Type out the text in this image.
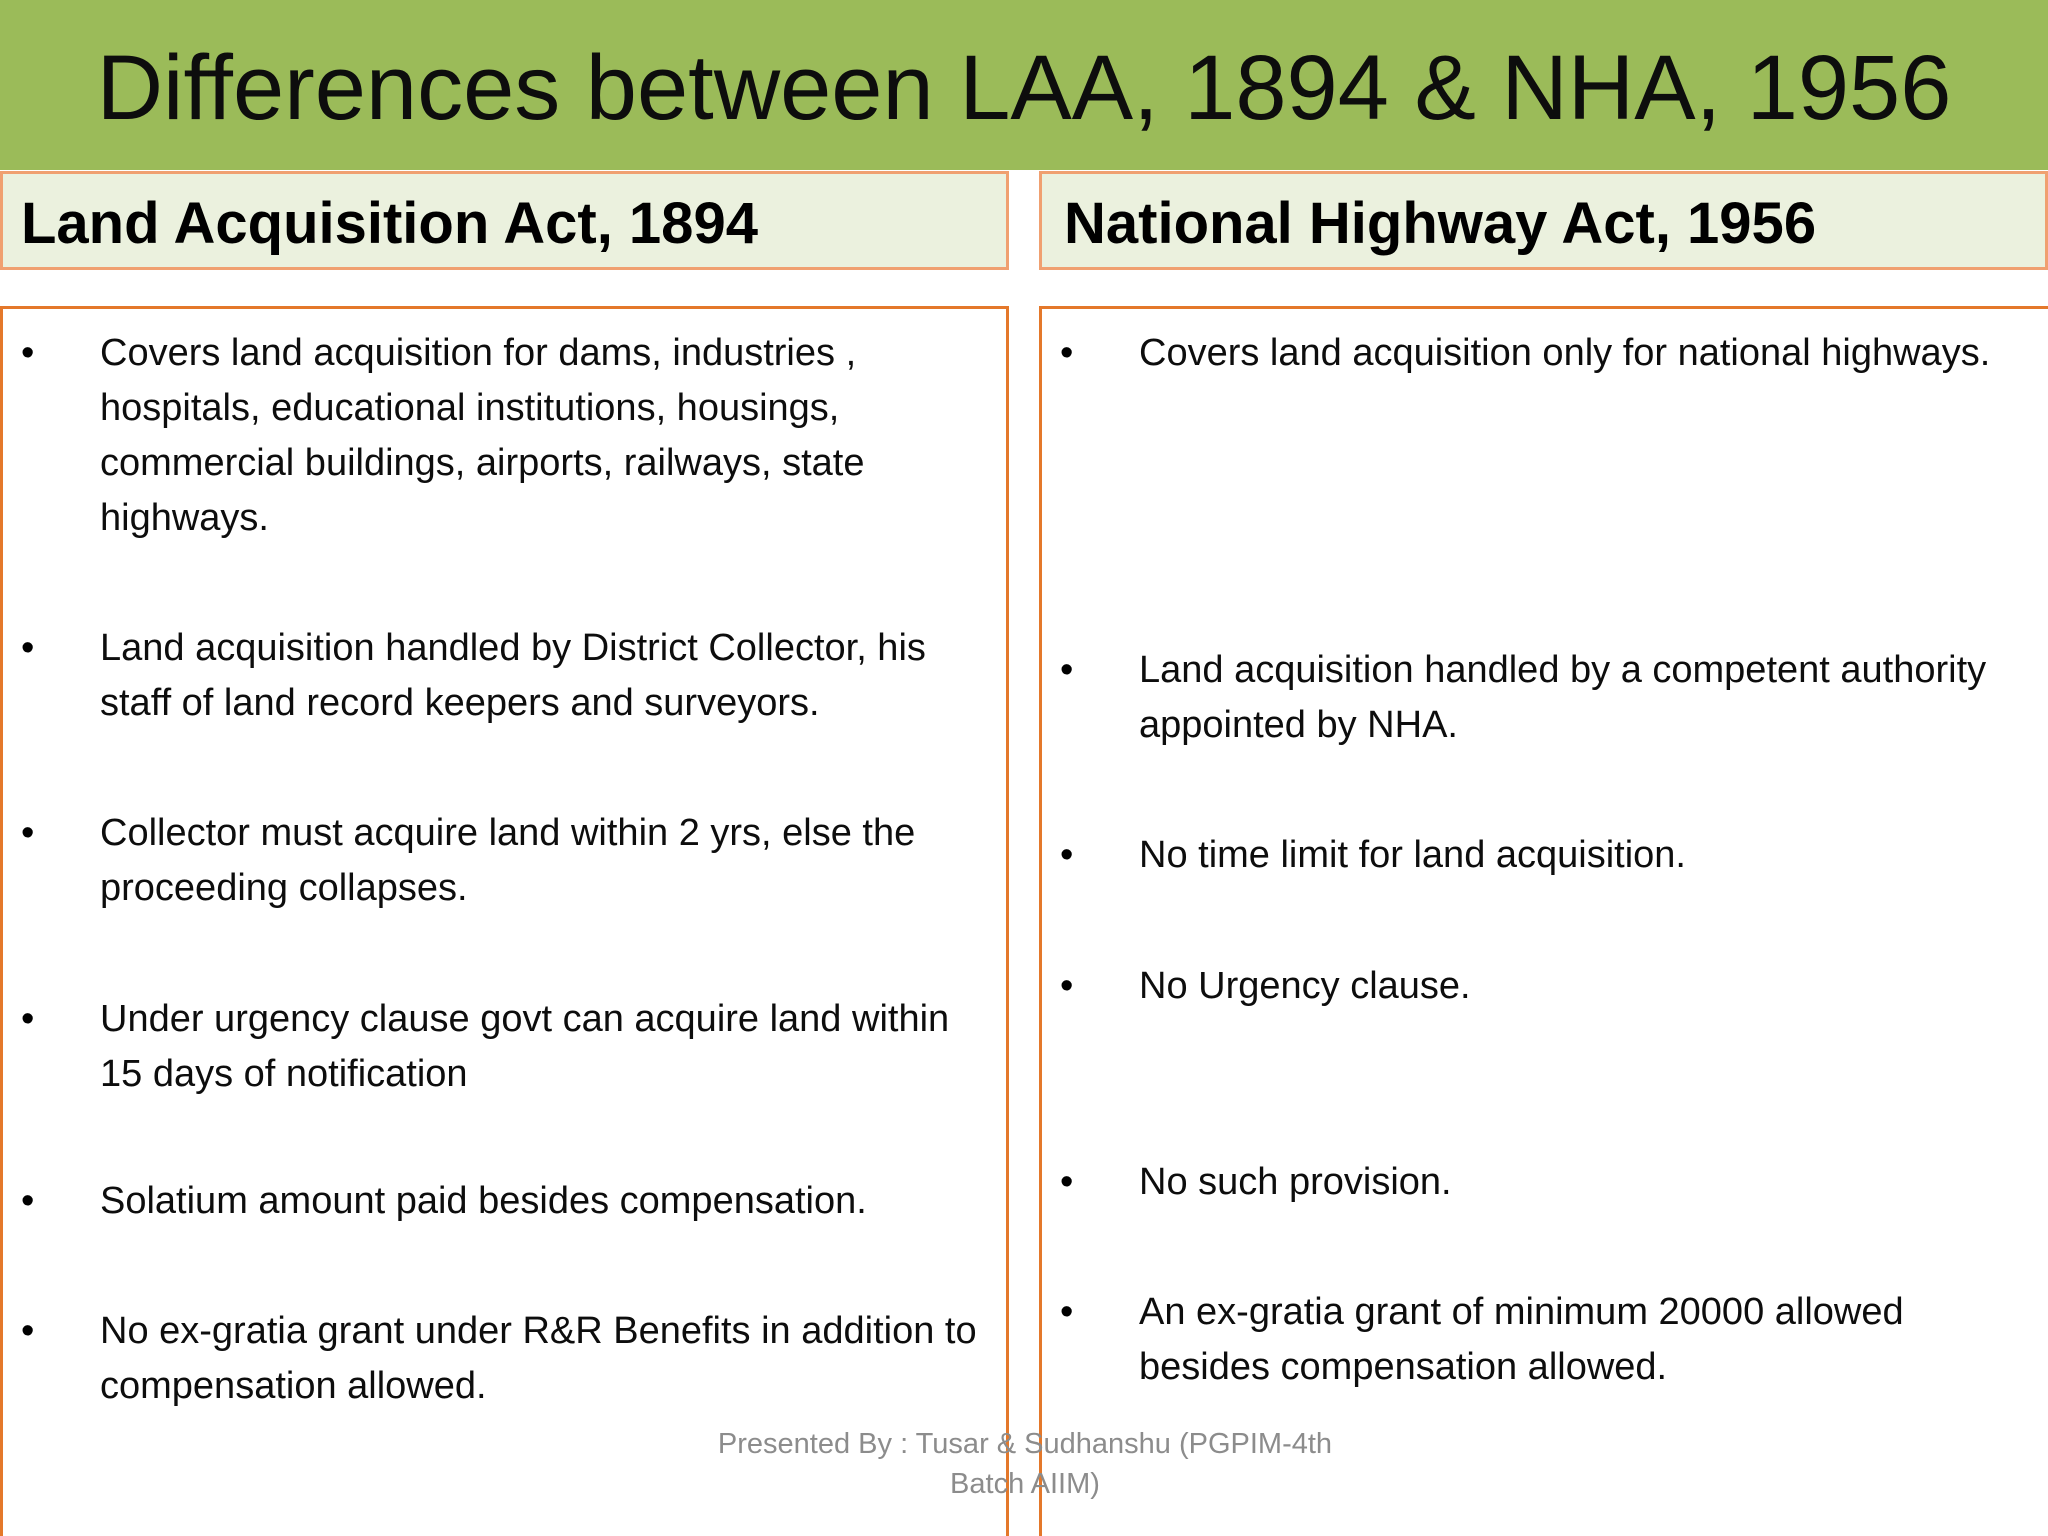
Differences between LAA, 1894 & NHA, 1956
Land Acquisition Act, 1894	National Highway Act, 1956
• Covers land acquisition for dams, industries , hospitals, educational institutions, housings, commercial buildings, airports, railways, state highways.
• Land acquisition handled by District Collector, his staff of land record keepers and surveyors.
• Collector must acquire land within 2 yrs, else the proceeding collapses.
• Under urgency clause govt can acquire land within 15 days of notification
• Solatium amount paid besides compensation.
• No ex-gratia grant under R&R Benefits in addition to compensation allowed.
• Covers land acquisition only for national highways.
• Land acquisition handled by a competent authority appointed by NHA.
• No time limit for land acquisition.
• No Urgency clause.
• No such provision.
• An ex-gratia grant of minimum 20000 allowed besides compensation allowed.
Presented By : Tusar & Sudhanshu (PGPIM-4th Batch AIIM)
